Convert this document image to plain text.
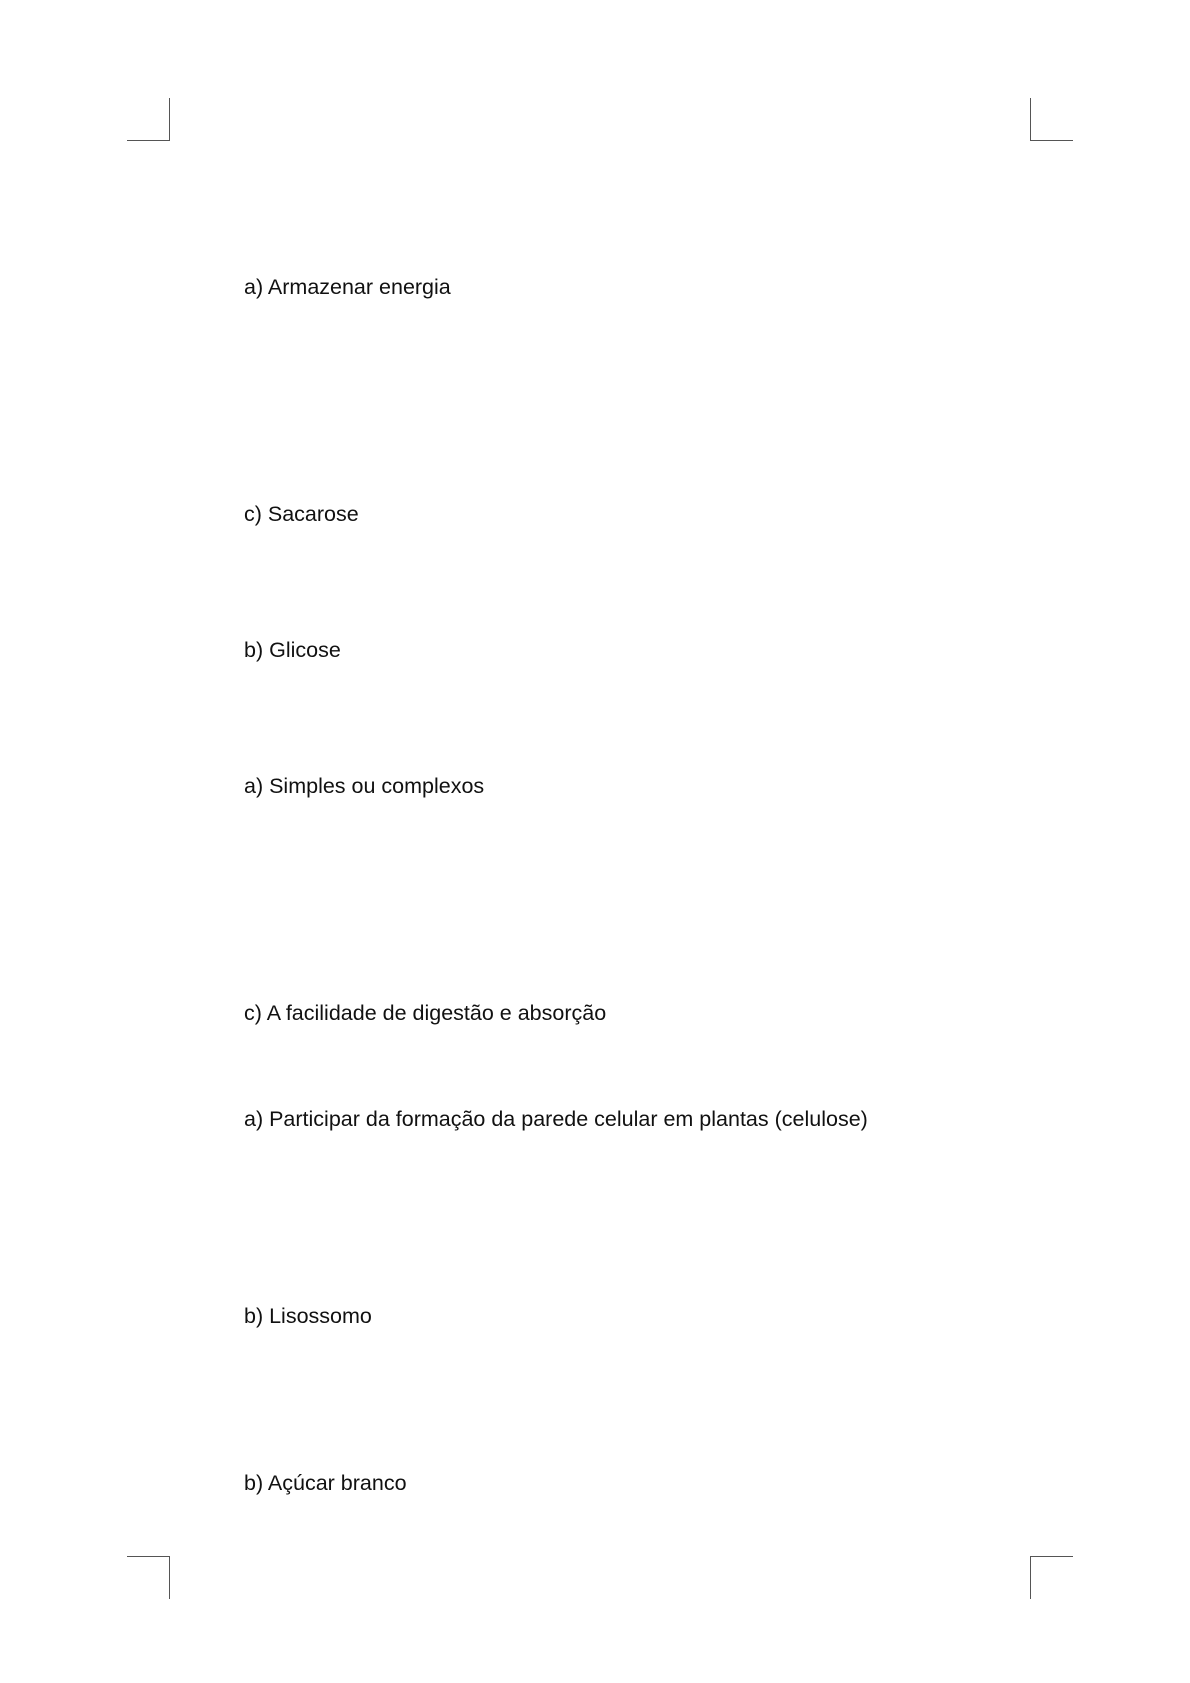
a) Armazenar energia

c) Sacarose

b) Glicose

a) Simples ou complexos

c) A facilidade de digestão e absorção

a) Participar da formação da parede celular em plantas (celulose)

b) Lisossomo

b) Açúcar branco
